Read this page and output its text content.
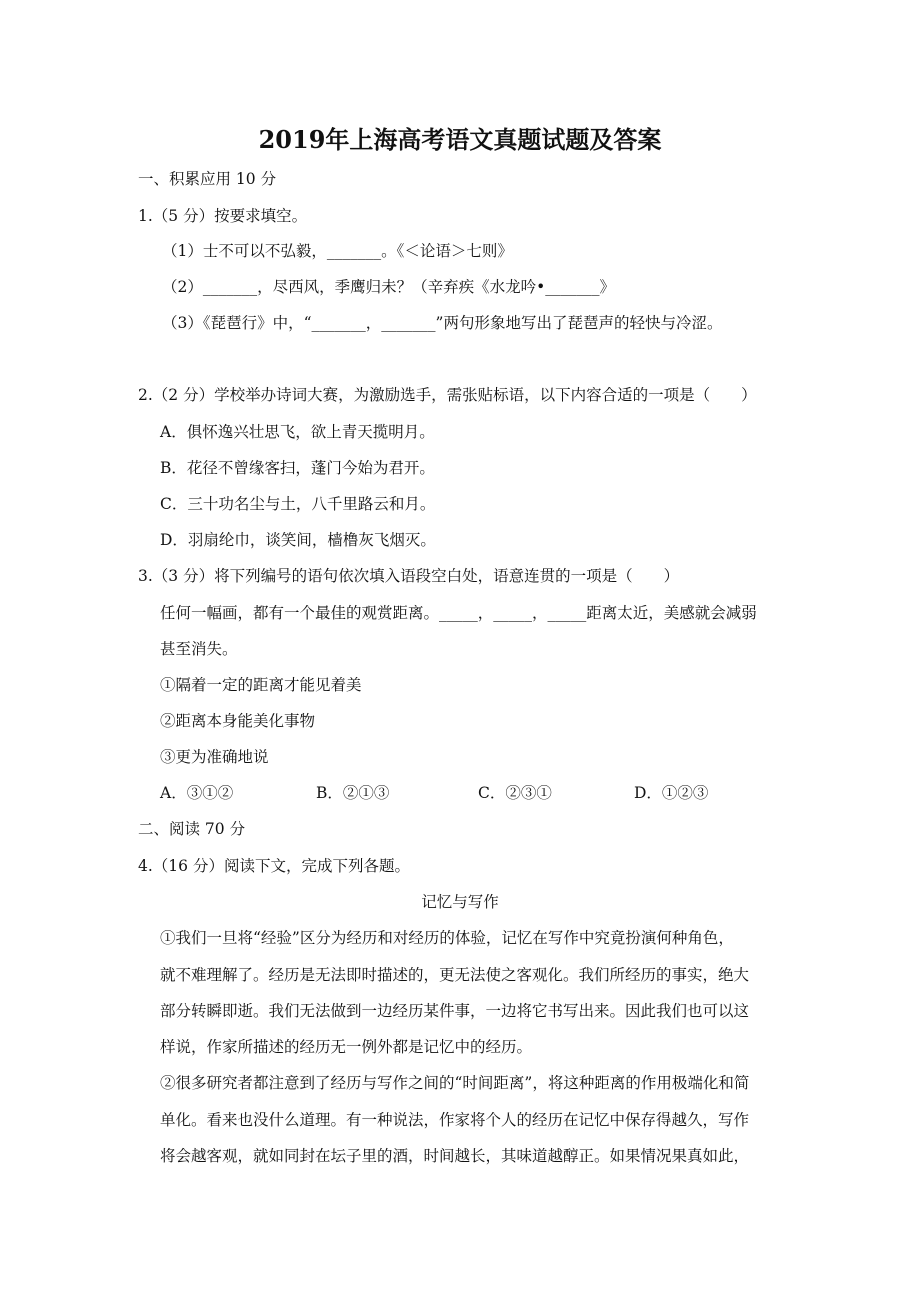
2019年上海高考语文真题试题及答案
一、积累应用 10 分
1.（5 分）按要求填空。
（1）士不可以不弘毅，_______。《＜论语＞七则》
（2）_______，尽西风，季鹰归未？（辛弃疾《水龙吟•_______》
（3）《琵琶行》中，“_______，_______”两句形象地写出了琵琶声的轻快与冷涩。
2.（2 分）学校举办诗词大赛，为激励选手，需张贴标语，以下内容合适的一项是（　　）
A．俱怀逸兴壮思飞，欲上青天揽明月。
B．花径不曾缘客扫，蓬门今始为君开。
C．三十功名尘与土，八千里路云和月。
D．羽扇纶巾，谈笑间，樯橹灰飞烟灭。
3.（3 分）将下列编号的语句依次填入语段空白处，语意连贯的一项是（　　）
任何一幅画，都有一个最佳的观赏距离。_____，_____，_____距离太近，美感就会减弱
甚至消失。
①隔着一定的距离才能见着美
②距离本身能美化事物
③更为准确地说
A．③①②	B．②①③	C．②③①	D．①②③
二、阅读 70 分
4.（16 分）阅读下文，完成下列各题。
记忆与写作
①我们一旦将“经验”区分为经历和对经历的体验，记忆在写作中究竟扮演何种角色，
就不难理解了。经历是无法即时描述的，更无法使之客观化。我们所经历的事实，绝大
部分转瞬即逝。我们无法做到一边经历某件事，一边将它书写出来。因此我们也可以这
样说，作家所描述的经历无一例外都是记忆中的经历。
②很多研究者都注意到了经历与写作之间的“时间距离”，将这种距离的作用极端化和简
单化。看来也没什么道理。有一种说法，作家将个人的经历在记忆中保存得越久，写作
将会越客观，就如同封在坛子里的酒，时间越长，其味道越醇正。如果情况果真如此，
